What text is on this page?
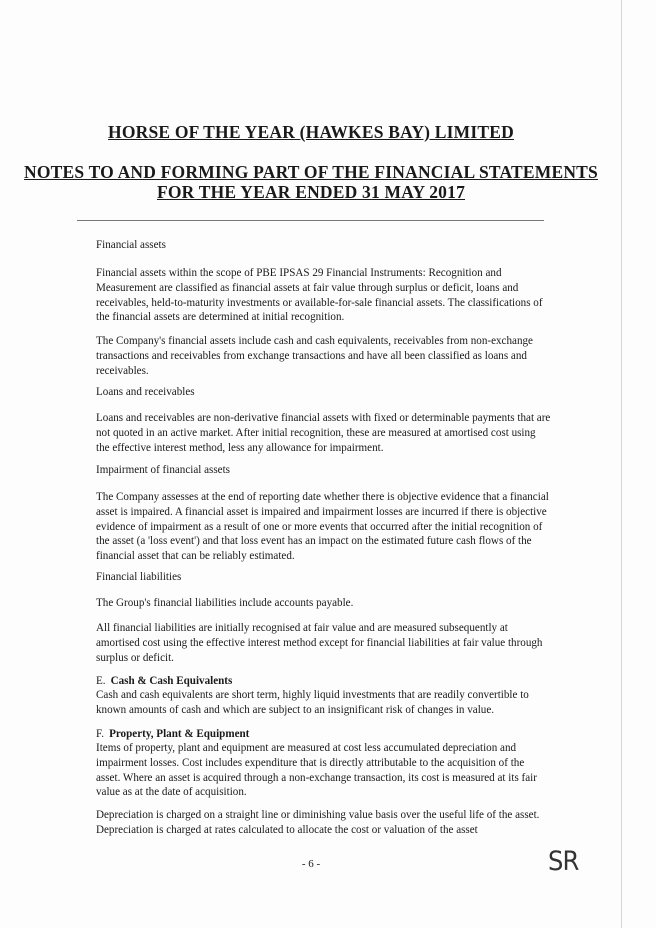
HORSE OF THE YEAR (HAWKES BAY) LIMITED
NOTES TO AND FORMING PART OF THE FINANCIAL STATEMENTS
FOR THE YEAR ENDED 31 MAY 2017

Financial assets

Financial assets within the scope of PBE IPSAS 29 Financial Instruments: Recognition and Measurement are classified as financial assets at fair value through surplus or deficit, loans and receivables, held-to-maturity investments or available-for-sale financial assets. The classifications of the financial assets are determined at initial recognition.

The Company's financial assets include cash and cash equivalents, receivables from non-exchange transactions and receivables from exchange transactions and have all been classified as loans and receivables.

Loans and receivables

Loans and receivables are non-derivative financial assets with fixed or determinable payments that are not quoted in an active market. After initial recognition, these are measured at amortised cost using the effective interest method, less any allowance for impairment.

Impairment of financial assets

The Company assesses at the end of reporting date whether there is objective evidence that a financial asset is impaired. A financial asset is impaired and impairment losses are incurred if there is objective evidence of impairment as a result of one or more events that occurred after the initial recognition of the asset (a 'loss event') and that loss event has an impact on the estimated future cash flows of the financial asset that can be reliably estimated.

Financial liabilities

The Group's financial liabilities include accounts payable.

All financial liabilities are initially recognised at fair value and are measured subsequently at amortised cost using the effective interest method except for financial liabilities at fair value through surplus or deficit.

E. Cash & Cash Equivalents

Cash and cash equivalents are short term, highly liquid investments that are readily convertible to known amounts of cash and which are subject to an insignificant risk of changes in value.

F. Property, Plant & Equipment

Items of property, plant and equipment are measured at cost less accumulated depreciation and impairment losses. Cost includes expenditure that is directly attributable to the acquisition of the asset. Where an asset is acquired through a non-exchange transaction, its cost is measured at its fair value as at the date of acquisition.

Depreciation is charged on a straight line or diminishing value basis over the useful life of the asset. Depreciation is charged at rates calculated to allocate the cost or valuation of the asset

- 6 -	SR
